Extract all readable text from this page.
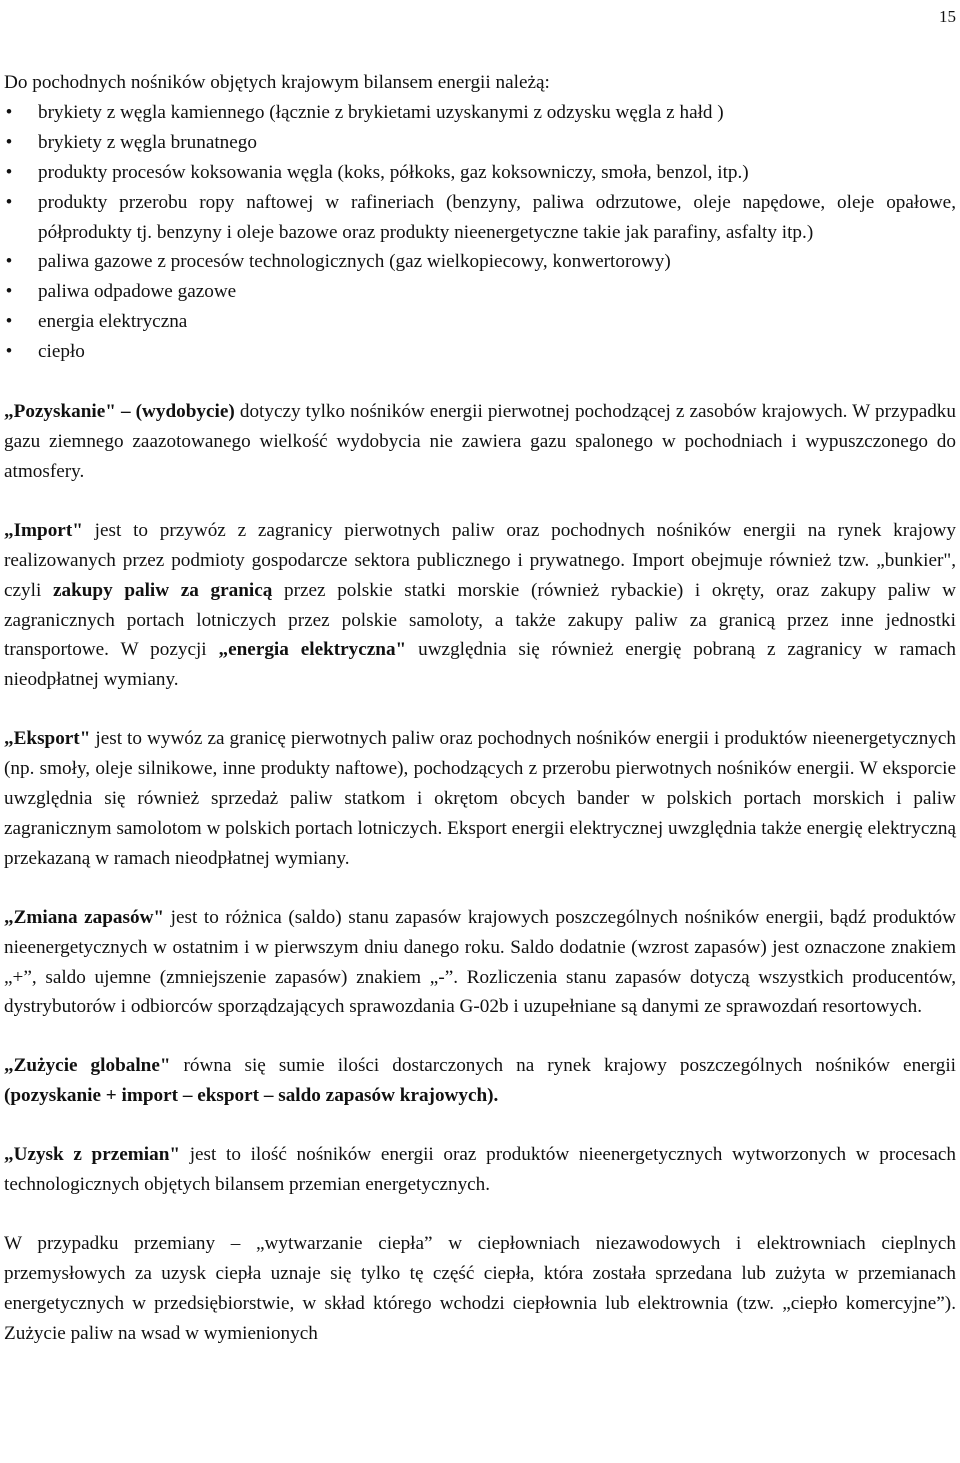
15

Do pochodnych nośników objętych krajowym bilansem energii należą:

• brykiety z węgla kamiennego (łącznie z brykietami uzyskanymi z odzysku węgla z hałd )
• brykiety z węgla brunatnego
• produkty procesów koksowania węgla (koks, półkoks, gaz koksowniczy, smoła, benzol, itp.)
• produkty przerobu ropy naftowej w rafineriach (benzyny, paliwa odrzutowe, oleje napędowe, oleje opałowe, półprodukty tj. benzyny i oleje bazowe oraz produkty nieenergetyczne takie jak parafiny, asfalty itp.)
• paliwa gazowe z procesów technologicznych (gaz wielkopiecowy, konwertorowy)
• paliwa odpadowe gazowe
• energia elektryczna
• ciepło

„Pozyskanie" – (wydobycie) dotyczy tylko nośników energii pierwotnej pochodzącej z zasobów krajowych. W przypadku gazu ziemnego zaazotowanego wielkość wydobycia nie zawiera gazu spalonego w pochodniach i wypuszczonego do atmosfery.

„Import" jest to przywóz z zagranicy pierwotnych paliw oraz pochodnych nośników energii na rynek krajowy realizowanych przez podmioty gospodarcze sektora publicznego i prywatnego. Import obejmuje również tzw. „bunkier", czyli zakupy paliw za granicą przez polskie statki morskie (również rybackie) i okręty, oraz zakupy paliw w zagranicznych portach lotniczych przez polskie samoloty, a także zakupy paliw za granicą przez inne jednostki transportowe. W pozycji „energia elektryczna" uwzględnia się również energię pobraną z zagranicy w ramach nieodpłatnej wymiany.

„Eksport" jest to wywóz za granicę pierwotnych paliw oraz pochodnych nośników energii i produktów nieenergetycznych (np. smoły, oleje silnikowe, inne produkty naftowe), pochodzących z przerobu pierwotnych nośników energii. W eksporcie uwzględnia się również sprzedaż paliw statkom i okrętom obcych bander w polskich portach morskich i paliw zagranicznym samolotom w polskich portach lotniczych. Eksport energii elektrycznej uwzględnia także energię elektryczną przekazaną w ramach nieodpłatnej wymiany.

„Zmiana zapasów" jest to różnica (saldo) stanu zapasów krajowych poszczególnych nośników energii, bądź produktów nieenergetycznych w ostatnim i w pierwszym dniu danego roku. Saldo dodatnie (wzrost zapasów) jest oznaczone znakiem „+”, saldo ujemne (zmniejszenie zapasów) znakiem „-”. Rozliczenia stanu zapasów dotyczą wszystkich producentów, dystrybutorów i odbiorców sporządzających sprawozdania G-02b i uzupełniane są danymi ze sprawozdań resortowych.

„Zużycie globalne" równa się sumie ilości dostarczonych na rynek krajowy poszczególnych nośników energii (pozyskanie + import – eksport – saldo zapasów krajowych).

„Uzysk z przemian" jest to ilość nośników energii oraz produktów nieenergetycznych wytworzonych w procesach technologicznych objętych bilansem przemian energetycznych.

W przypadku przemiany – „wytwarzanie ciepła” w ciepłowniach niezawodowych i elektrowniach cieplnych przemysłowych za uzysk ciepła uznaje się tylko tę część ciepła, która została sprzedana lub zużyta w przemianach energetycznych w przedsiębiorstwie, w skład którego wchodzi ciepłownia lub elektrownia (tzw. „ciepło komercyjne”). Zużycie paliw na wsad w wymienionych
